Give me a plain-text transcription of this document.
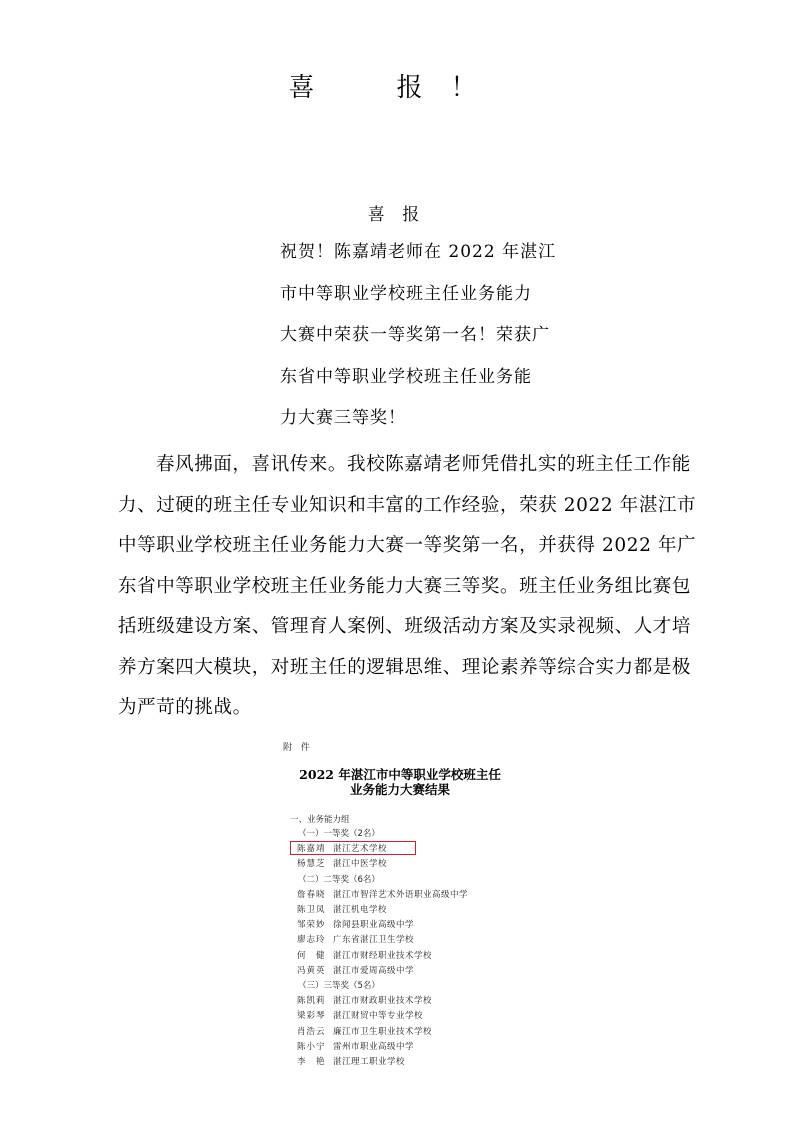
喜　报！
喜 报
祝贺！陈嘉靖老师在 2022 年湛江
市中等职业学校班主任业务能力
大赛中荣获一等奖第一名！荣获广
东省中等职业学校班主任业务能
力大赛三等奖！
春风拂面，喜讯传来。我校陈嘉靖老师凭借扎实的班主任工作能
力、过硬的班主任专业知识和丰富的工作经验，荣获 2022 年湛江市
中等职业学校班主任业务能力大赛一等奖第一名，并获得 2022 年广
东省中等职业学校班主任业务能力大赛三等奖。班主任业务组比赛包
括班级建设方案、管理育人案例、班级活动方案及实录视频、人才培
养方案四大模块，对班主任的逻辑思维、理论素养等综合实力都是极
为严苛的挑战。
附 件
2022 年湛江市中等职业学校班主任
业务能力大赛结果
一、业务能力组
（一）一等奖（2名）
陈嘉靖 湛江艺术学校
杨慧芝 湛江中医学校
（二）二等奖（6名）
詹春晓 湛江市智洋艺术外语职业高级中学
陈卫凤 湛江机电学校
邹荣妙 徐闻县职业高级中学
廖志玲 广东省湛江卫生学校
何　健 湛江市财经职业技术学校
冯黄英 湛江市爱周高级中学
（三）三等奖（5名）
陈凯莉 湛江市财政职业技术学校
梁彩琴 湛江财贸中等专业学校
肖浩云 廉江市卫生职业技术学校
陈小宁 雷州市职业高级中学
李　艳 湛江理工职业学校
